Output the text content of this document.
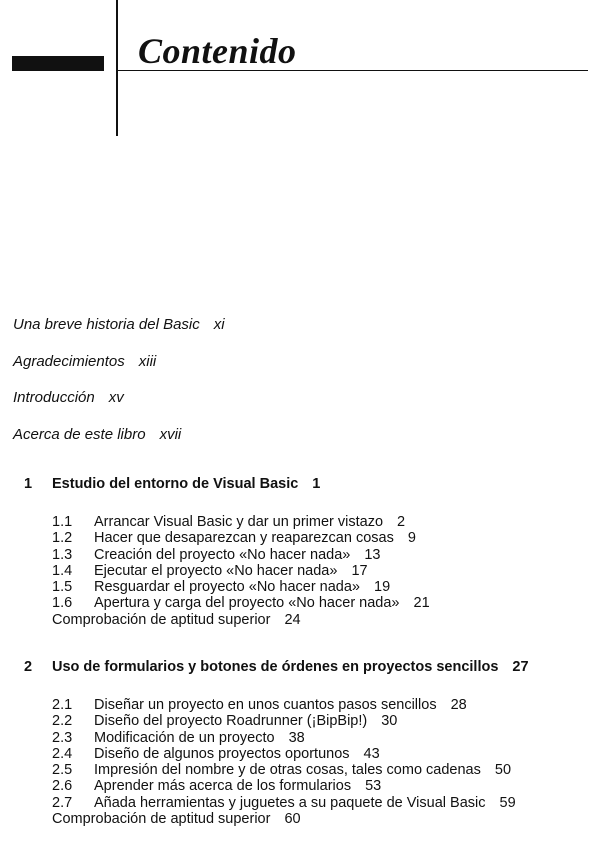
Contenido
Una breve historia del Basic xi
Agradecimientos xiii
Introducción xv
Acerca de este libro xvii
1 Estudio del entorno de Visual Basic 1
1.1 Arrancar Visual Basic y dar un primer vistazo 2
1.2 Hacer que desaparezcan y reaparezcan cosas 9
1.3 Creación del proyecto «No hacer nada» 13
1.4 Ejecutar el proyecto «No hacer nada» 17
1.5 Resguardar el proyecto «No hacer nada» 19
1.6 Apertura y carga del proyecto «No hacer nada» 21
Comprobación de aptitud superior 24
2 Uso de formularios y botones de órdenes en proyectos sencillos 27
2.1 Diseñar un proyecto en unos cuantos pasos sencillos 28
2.2 Diseño del proyecto Roadrunner (¡BipBip!) 30
2.3 Modificación de un proyecto 38
2.4 Diseño de algunos proyectos oportunos 43
2.5 Impresión del nombre y de otras cosas, tales como cadenas 50
2.6 Aprender más acerca de los formularios 53
2.7 Añada herramientas y juguetes a su paquete de Visual Basic 59
Comprobación de aptitud superior 60
